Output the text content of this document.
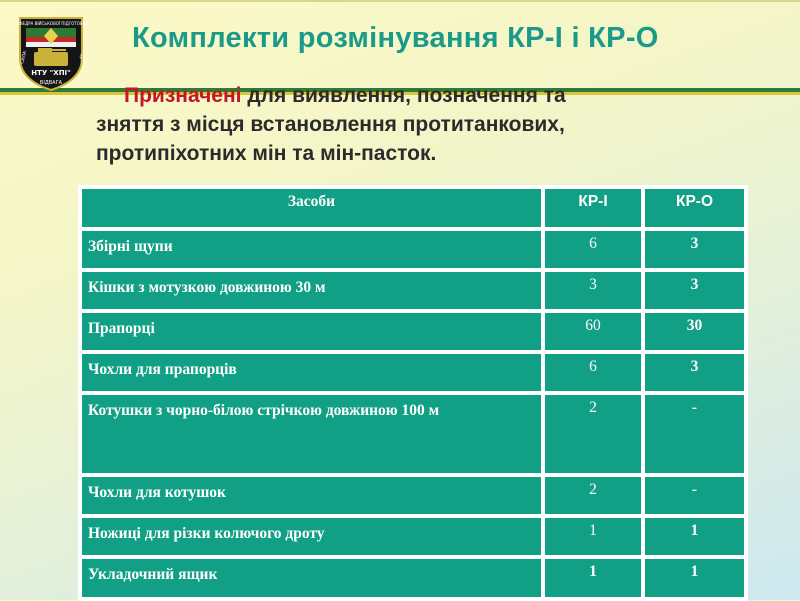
КАФЕДРА ВІЙСЬКОВОЇ ПІДГОТОВКИ
СИЛА	ЧЕСТЬ
НТУ "ХПІ"
ВІДВАГА
Комплекти розмінування КР-І і КР-О
Призначені для виявлення, позначення та
зняття з місця встановлення протитанкових,
протипіхотних мін та мін-пасток.
Засоби	КР-І	КР-О
Збірні щупи	6	3
Кішки з мотузкою довжиною 30 м	3	3
Прапорці	60	30
Чохли для прапорців	6	3
Котушки з чорно-білою стрічкою довжиною 100 м	2	-
Чохли для котушок	2	-
Ножиці для різки колючого дроту	1	1
Укладочний ящик	1	1
